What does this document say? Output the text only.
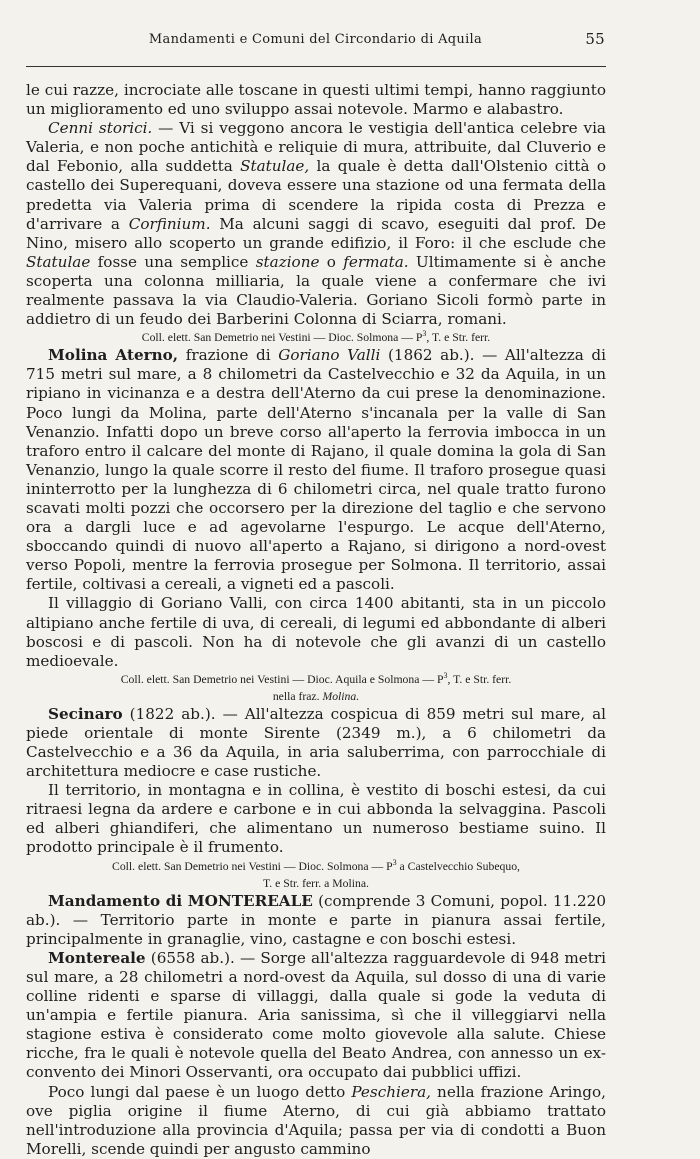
Mandamenti e Comuni del Circondario di Aquila	55

le cui razze, incrociate alle toscane in questi ultimi tempi, hanno raggiunto un miglioramento ed uno sviluppo assai notevole. Marmo e alabastro.

Cenni storici. — Vi si veggono ancora le vestigia dell'antica celebre via Valeria, e non poche antichità e reliquie di mura, attribuite, dal Cluverio e dal Febonio, alla suddetta Statulae, la quale è detta dall'Olstenio città o castello dei Superequani, doveva essere una stazione od una fermata della predetta via Valeria prima di scendere la ripida costa di Prezza e d'arrivare a Corfinium. Ma alcuni saggi di scavo, eseguiti dal prof. De Nino, misero allo scoperto un grande edifizio, il Foro: il che esclude che Statulae fosse una semplice stazione o fermata. Ultimamente si è anche scoperta una colonna milliaria, la quale viene a confermare che ivi realmente passava la via Claudio-Valeria. Goriano Sicoli formò parte in addietro di un feudo dei Barberini Colonna di Sciarra, romani.

Coll. elett. San Demetrio nei Vestini — Dioc. Solmona — $P^3$, T. e Str. ferr.

Molina Aterno, frazione di Goriano Valli (1862 ab.). — All'altezza di 715 metri sul mare, a 8 chilometri da Castelvecchio e 32 da Aquila, in un ripiano in vicinanza e a destra dell'Aterno da cui prese la denominazione. Poco lungi da Molina, parte dell'Aterno s'incanala per la valle di San Venanzio. Infatti dopo un breve corso all'aperto la ferrovia imbocca in un traforo entro il calcare del monte di Rajano, il quale domina la gola di San Venanzio, lungo la quale scorre il resto del fiume. Il traforo prosegue quasi ininterrotto per la lunghezza di 6 chilometri circa, nel quale tratto furono scavati molti pozzi che occorsero per la direzione del taglio e che servono ora a dargli luce e ad agevolarne l'espurgo. Le acque dell'Aterno, sboccando quindi di nuovo all'aperto a Rajano, si dirigono a nord-ovest verso Popoli, mentre la ferrovia prosegue per Solmona. Il territorio, assai fertile, coltivasi a cereali, a vigneti ed a pascoli.

Il villaggio di Goriano Valli, con circa 1400 abitanti, sta in un piccolo altipiano anche fertile di uva, di cereali, di legumi ed abbondante di alberi boscosi e di pascoli. Non ha di notevole che gli avanzi di un castello medioevale.

Coll. elett. San Demetrio nei Vestini — Dioc. Aquila e Solmona — $P^3$, T. e Str. ferr.
nella fraz. Molina.

Secinaro (1822 ab.). — All'altezza cospicua di 859 metri sul mare, al piede orientale di monte Sirente (2349 m.), a 6 chilometri da Castelvecchio e a 36 da Aquila, in aria saluberrima, con parrocchiale di architettura mediocre e case rustiche.

Il territorio, in montagna e in collina, è vestito di boschi estesi, da cui ritraesi legna da ardere e carbone e in cui abbonda la selvaggina. Pascoli ed alberi ghiandiferi, che alimentano un numeroso bestiame suino. Il prodotto principale è il frumento.

Coll. elett. San Demetrio nei Vestini — Dioc. Solmona — $P^3$ a Castelvecchio Subequo,
T. e Str. ferr. a Molina.

Mandamento di MONTEREALE (comprende 3 Comuni, popol. 11.220 ab.). — Territorio parte in monte e parte in pianura assai fertile, principalmente in granaglie, vino, castagne e con boschi estesi.

Montereale (6558 ab.). — Sorge all'altezza ragguardevole di 948 metri sul mare, a 28 chilometri a nord-ovest da Aquila, sul dosso di una di varie colline ridenti e sparse di villaggi, dalla quale si gode la veduta di un'ampia e fertile pianura. Aria sanissima, sì che il villeggiarvi nella stagione estiva è considerato come molto giovevole alla salute. Chiese ricche, fra le quali è notevole quella del Beato Andrea, con annesso un ex-convento dei Minori Osservanti, ora occupato dai pubblici uffizi.

Poco lungi dal paese è un luogo detto Peschiera, nella frazione Aringo, ove piglia origine il fiume Aterno, di cui già abbiamo trattato nell'introduzione alla provincia d'Aquila; passa per via di condotti a Buon Morelli, scende quindi per angusto cammino
